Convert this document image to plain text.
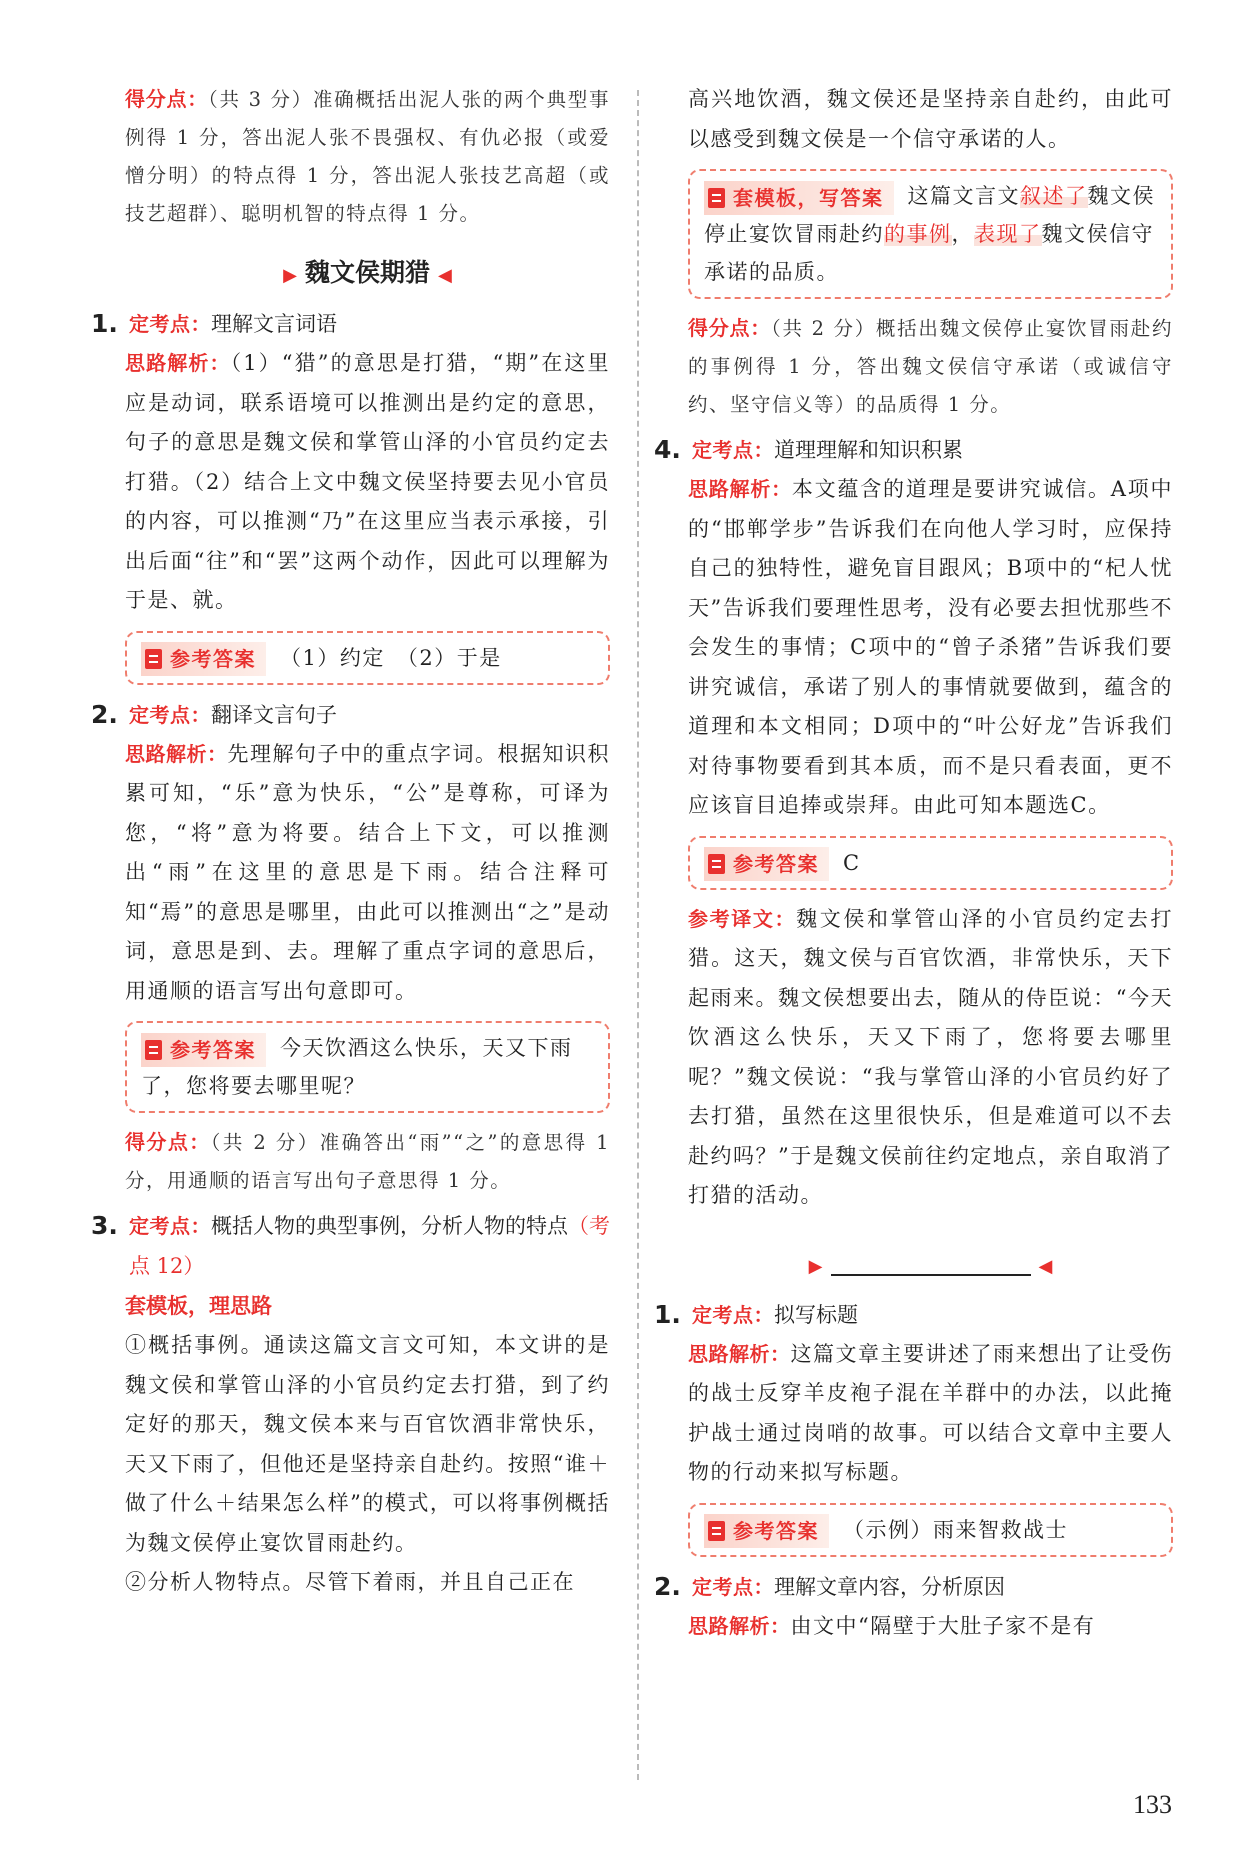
得分点：（共 3 分）准确概括出泥人张的两个典型事例得 1 分，答出泥人张不畏强权、有仇必报（或爱憎分明）的特点得 1 分，答出泥人张技艺高超（或技艺超群）、聪明机智的特点得 1 分。
▶ 魏文侯期猎 ◀
1. 定考点：理解文言词语
思路解析：（1）“猎”的意思是打猎，“期”在这里应是动词，联系语境可以推测出是约定的意思，句子的意思是魏文侯和掌管山泽的小官员约定去打猎。（2）结合上文中魏文侯坚持要去见小官员的内容，可以推测“乃”在这里应当表示承接，引出后面“往”和“罢”这两个动作，因此可以理解为于是、就。
参考答案 （1）约定　（2）于是
2. 定考点：翻译文言句子
思路解析：先理解句子中的重点字词。根据知识积累可知，“乐”意为快乐，“公”是尊称，可译为您，“将”意为将要。结合上下文，可以推测出“雨”在这里的意思是下雨。结合注释可知“焉”的意思是哪里，由此可以推测出“之”是动词，意思是到、去。理解了重点字词的意思后，用通顺的语言写出句意即可。
参考答案 今天饮酒这么快乐，天又下雨了，您将要去哪里呢？
得分点：（共 2 分）准确答出“雨”“之”的意思得 1 分，用通顺的语言写出句子意思得 1 分。
3. 定考点：概括人物的典型事例，分析人物的特点（考点 12）
套模板，理思路
①概括事例。通读这篇文言文可知，本文讲的是魏文侯和掌管山泽的小官员约定去打猎，到了约定好的那天，魏文侯本来与百官饮酒非常快乐，天又下雨了，但他还是坚持亲自赴约。按照“谁＋做了什么＋结果怎么样”的模式，可以将事例概括为魏文侯停止宴饮冒雨赴约。
②分析人物特点。尽管下着雨，并且自己正在
高兴地饮酒，魏文侯还是坚持亲自赴约，由此可以感受到魏文侯是一个信守承诺的人。
套模板，写答案 这篇文言文叙述了魏文侯停止宴饮冒雨赴约的事例，表现了魏文侯信守承诺的品质。
得分点：（共 2 分）概括出魏文侯停止宴饮冒雨赴约的事例得 1 分，答出魏文侯信守承诺（或诚信守约、坚守信义等）的品质得 1 分。
4. 定考点：道理理解和知识积累
思路解析：本文蕴含的道理是要讲究诚信。A项中的“邯郸学步”告诉我们在向他人学习时，应保持自己的独特性，避免盲目跟风；B项中的“杞人忧天”告诉我们要理性思考，没有必要去担忧那些不会发生的事情；C项中的“曾子杀猪”告诉我们要讲究诚信，承诺了别人的事情就要做到，蕴含的道理和本文相同；D项中的“叶公好龙”告诉我们对待事物要看到其本质，而不是只看表面，更不应该盲目追捧或崇拜。由此可知本题选C。
参考答案 C
参考译文：魏文侯和掌管山泽的小官员约定去打猎。这天，魏文侯与百官饮酒，非常快乐，天下起雨来。魏文侯想要出去，随从的侍臣说：“今天饮酒这么快乐，天又下雨了，您将要去哪里呢？”魏文侯说：“我与掌管山泽的小官员约好了去打猎，虽然在这里很快乐，但是难道可以不去赴约吗？”于是魏文侯前往约定地点，亲自取消了打猎的活动。
▶	◀
1. 定考点：拟写标题
思路解析：这篇文章主要讲述了雨来想出了让受伤的战士反穿羊皮袍子混在羊群中的办法，以此掩护战士通过岗哨的故事。可以结合文章中主要人物的行动来拟写标题。
参考答案 （示例）雨来智救战士
2. 定考点：理解文章内容，分析原因
思路解析：由文中“隔壁于大肚子家不是有
133
